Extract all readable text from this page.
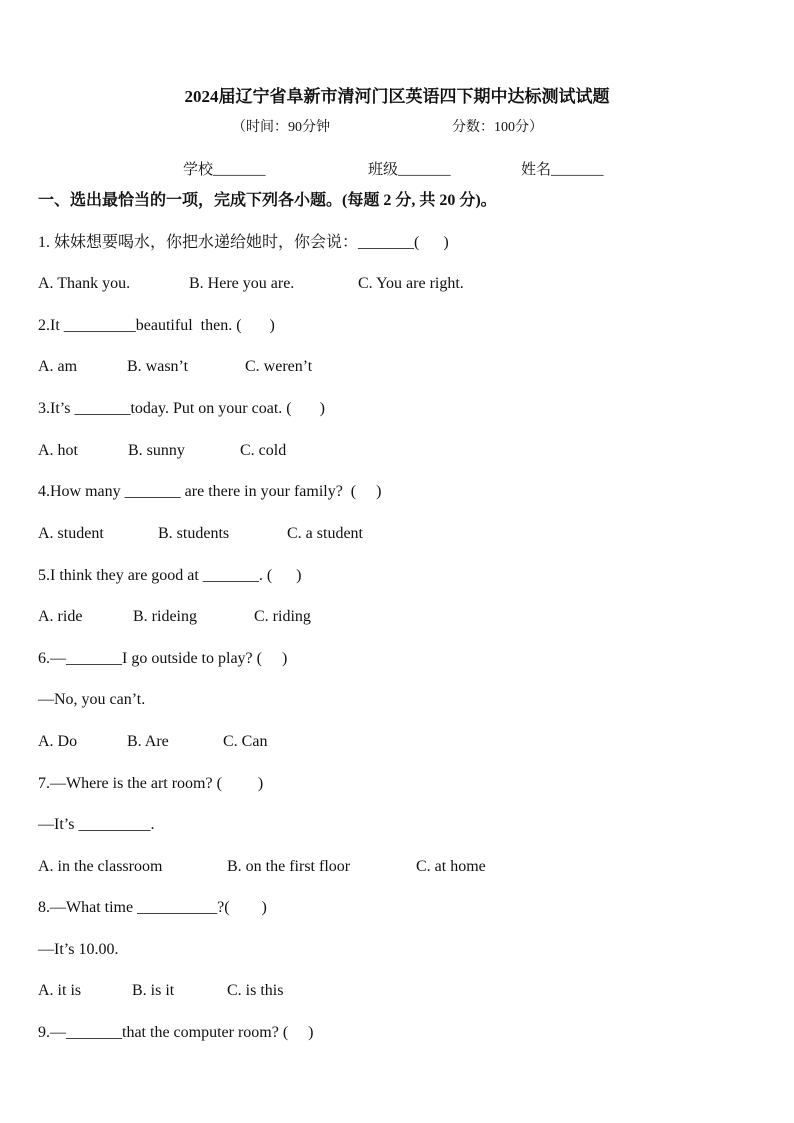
2024届辽宁省阜新市清河门区英语四下期中达标测试试题
（时间：90分钟	分数：100分）
学校_______	班级_______	姓名_______
一、选出最恰当的一项，完成下列各小题。(每题 2 分, 共 20 分)。
1. 妹妹想要喝水，你把水递给她时，你会说：_______(      )
A. Thank you.	B. Here you are.	C. You are right.
2.It _________beautiful  then. (       )
A. am	B. wasn’t	C. weren’t
3.It’s _______today. Put on your coat. (       )
A. hot	B. sunny	C. cold
4.How many _______ are there in your family?  (     )
A. student	B. students	C. a student
5.I think they are good at _______. (      )
A. ride	B. rideing	C. riding
6.—_______I go outside to play? (     )
—No, you can’t.
A. Do	B. Are	C. Can
7.—Where is the art room? (         )
—It’s _________.
A. in the classroom	B. on the first floor	C. at home
8.—What time __________?(        )
—It’s 10.00.
A. it is	B. is it	C. is this
9.—_______that the computer room? (     )
